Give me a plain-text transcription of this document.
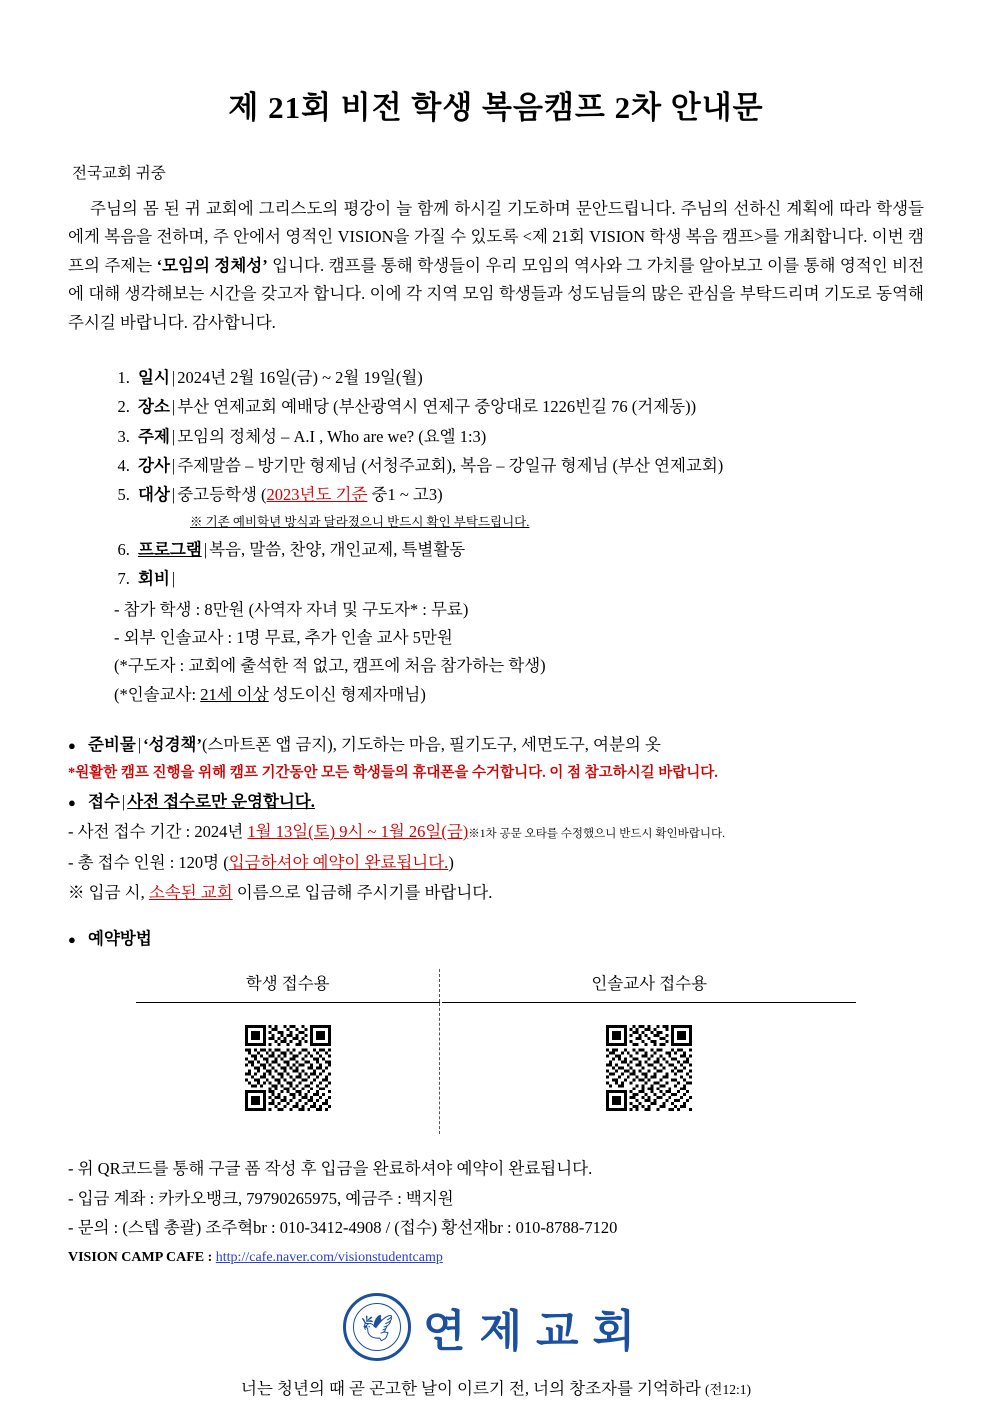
제 21회 비전 학생 복음캠프 2차 안내문
전국교회 귀중

주님의 몸 된 귀 교회에 그리스도의 평강이 늘 함께 하시길 기도하며 문안드립니다. 주님의 선하신 계획에 따라 학생들에게 복음을 전하며, 주 안에서 영적인 VISION을 가질 수 있도록 <제 21회 VISION 학생 복음 캠프>를 개최합니다. 이번 캠프의 주제는 ‘모임의 정체성’ 입니다. 캠프를 통해 학생들이 우리 모임의 역사와 그 가치를 알아보고 이를 통해 영적인 비전에 대해 생각해보는 시간을 갖고자 합니다. 이에 각 지역 모임 학생들과 성도님들의 많은 관심을 부탁드리며 기도로 동역해주시길 바랍니다. 감사합니다.

1. 일시 | 2024년 2월 16일(금) ~ 2월 19일(월)
2. 장소 | 부산 연제교회 예배당 (부산광역시 연제구 중앙대로 1226빈길 76 (거제동))
3. 주제 | 모임의 정체성 – A.I , Who are we? (요엘 1:3)
4. 강사 | 주제말씀 – 방기만 형제님 (서청주교회), 복음 – 강일규 형제님 (부산 연제교회)
5. 대상 | 중고등학생 (2023년도 기준 중1 ~ 고3)
※ 기존 예비학년 방식과 달라졌으니 반드시 확인 부탁드립니다.
6. 프로그램 | 복음, 말씀, 찬양, 개인교제, 특별활동
7. 회비 |
- 참가 학생 : 8만원 (사역자 자녀 및 구도자* : 무료)
- 외부 인솔교사 : 1명 무료, 추가 인솔 교사 5만원
(*구도자 : 교회에 출석한 적 없고, 캠프에 처음 참가하는 학생)
(*인솔교사: 21세 이상 성도이신 형제자매님)
● 준비물 | ‘성경책’(스마트폰 앱 금지), 기도하는 마음, 필기도구, 세면도구, 여분의 옷
*원활한 캠프 진행을 위해 캠프 기간동안 모든 학생들의 휴대폰을 수거합니다. 이 점 참고하시길 바랍니다.
● 접수 | 사전 접수로만 운영합니다.
- 사전 접수 기간 : 2024년 1월 13일(토) 9시 ~ 1월 26일(금)※1차 공문 오타를 수정했으니 반드시 확인바랍니다.
- 총 접수 인원 : 120명 (입금하셔야 예약이 완료됩니다.)
※ 입금 시, 소속된 교회 이름으로 입금해 주시기를 바랍니다.
● 예약방법
학생 접수용		인솔교사 접수용

- 위 QR코드를 통해 구글 폼 작성 후 입금을 완료하셔야 예약이 완료됩니다.
- 입금 계좌 : 카카오뱅크, 79790265975, 예금주 : 백지원
- 문의 : (스텝 총괄) 조주혁br : 010-3412-4908 / (접수) 황선재br : 010-8788-7120
VISION CAMP CAFE : http://cafe.naver.com/visionstudentcamp
🕊 연제교회
너는 청년의 때 곧 곤고한 날이 이르기 전, 너의 창조자를 기억하라 (전12:1)
